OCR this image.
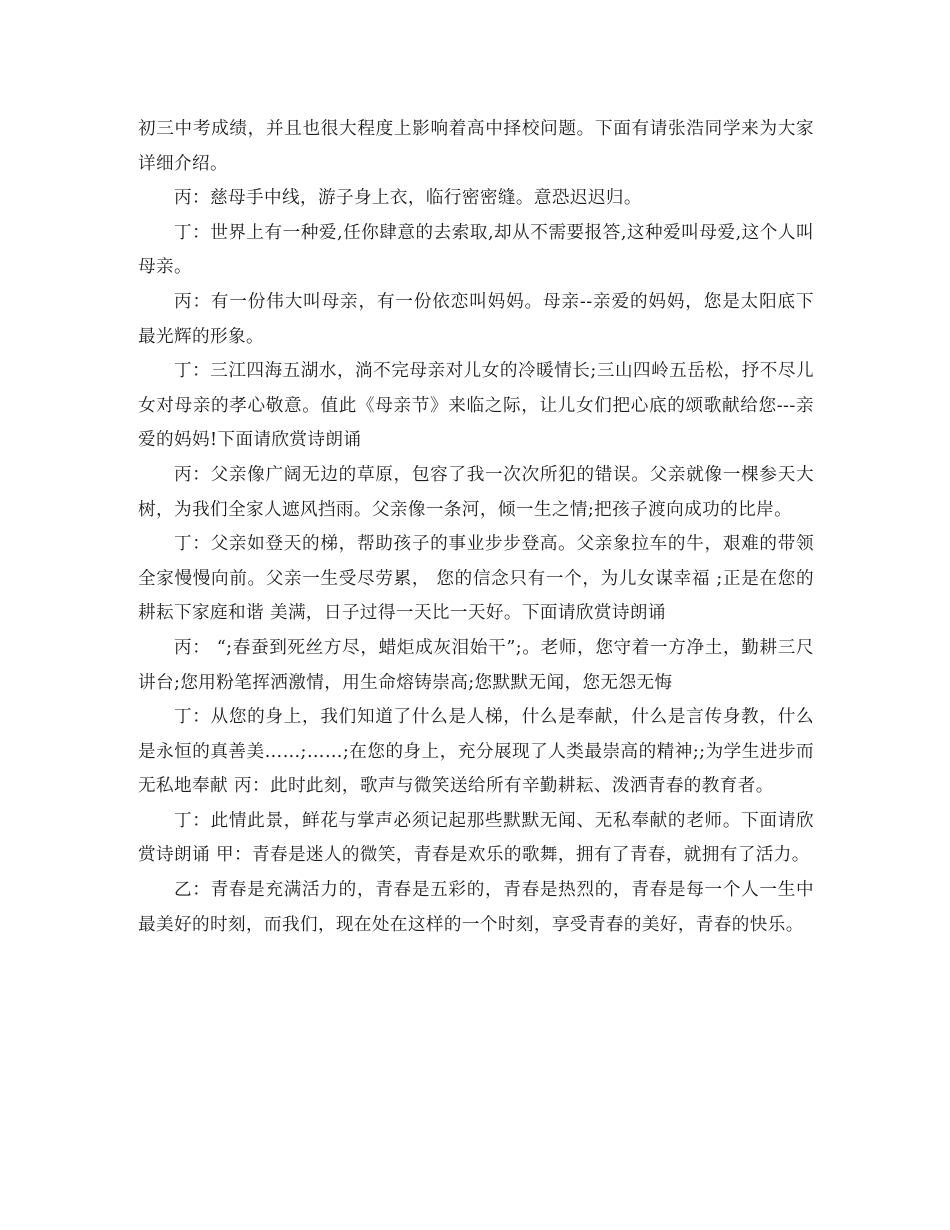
初三中考成绩，并且也很大程度上影响着高中择校问题。下面有请张浩同学来为大家详细介绍。

丙：慈母手中线，游子身上衣，临行密密缝。意恐迟迟归。

丁：世界上有一种爱,任你肆意的去索取,却从不需要报答,这种爱叫母爱,这个人叫母亲。

丙：有一份伟大叫母亲，有一份依恋叫妈妈。母亲--亲爱的妈妈，您是太阳底下最光辉的形象。

丁：三江四海五湖水，淌不完母亲对儿女的冷暖情长;三山四岭五岳松，抒不尽儿女对母亲的孝心敬意。值此《母亲节》来临之际，让儿女们把心底的颂歌献给您---亲爱的妈妈!下面请欣赏诗朗诵

丙：父亲像广阔无边的草原，包容了我一次次所犯的错误。父亲就像一棵参天大树，为我们全家人遮风挡雨。父亲像一条河，倾一生之情;把孩子渡向成功的比岸。

丁：父亲如登天的梯，帮助孩子的事业步步登高。父亲象拉车的牛，艰难的带领全家慢慢向前。父亲一生受尽劳累， 您的信念只有一个，为儿女谋幸福 ;正是在您的耕耘下家庭和谐 美满，日子过得一天比一天好。下面请欣赏诗朗诵

丙： “;春蚕到死丝方尽，蜡炬成灰泪始干”;。老师，您守着一方净土，勤耕三尺讲台;您用粉笔挥洒激情，用生命熔铸崇高;您默默无闻，您无怨无悔

丁：从您的身上，我们知道了什么是人梯，什么是奉献，什么是言传身教，什么是永恒的真善美……;……;在您的身上，充分展现了人类最崇高的精神;;为学生进步而无私地奉献 丙：此时此刻，歌声与微笑送给所有辛勤耕耘、泼洒青春的教育者。

丁：此情此景，鲜花与掌声必须记起那些默默无闻、无私奉献的老师。下面请欣赏诗朗诵 甲：青春是迷人的微笑，青春是欢乐的歌舞，拥有了青春，就拥有了活力。

乙：青春是充满活力的，青春是五彩的，青春是热烈的，青春是每一个人一生中最美好的时刻，而我们，现在处在这样的一个时刻，享受青春的美好，青春的快乐。
